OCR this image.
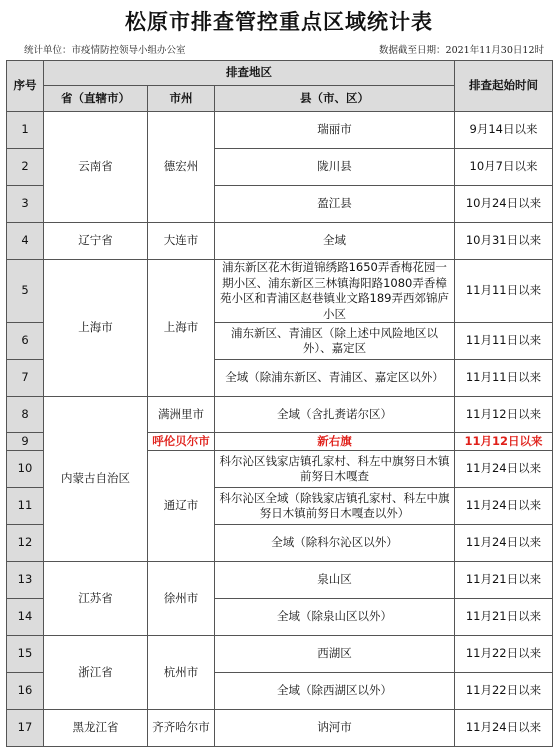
松原市排查管控重点区域统计表
统计单位：市疫情防控领导小组办公室	数据截至日期：2021年11月30日12时
序号	排查地区			排查起始时间
	省（直辖市）	市州	县（市、区）	
1	云南省	德宏州	瑞丽市	9月14日以来
2			陇川县	10月7日以来
3			盈江县	10月24日以来
4	辽宁省	大连市	全域	10月31日以来
5	上海市	上海市	浦东新区花木街道锦绣路1650弄香梅花园一期小区、浦东新区三林镇海阳路1080弄香樟苑小区和青浦区赵巷镇业文路189弄西郊锦庐小区	11月11日以来
6			浦东新区、青浦区（除上述中风险地区以外）、嘉定区	11月11日以来
7			全域（除浦东新区、青浦区、嘉定区以外）	11月11日以来
8	内蒙古自治区	满洲里市	全域（含扎赉诺尔区）	11月12日以来
9		呼伦贝尔市	新右旗	11月12日以来
10		通辽市	科尔沁区钱家店镇孔家村、科左中旗努日木镇前努日木嘎查	11月24日以来
11			科尔沁区全域（除钱家店镇孔家村、科左中旗努日木镇前努日木嘎查以外）	11月24日以来
12			全域（除科尔沁区以外）	11月24日以来
13	江苏省	徐州市	泉山区	11月21日以来
14			全域（除泉山区以外）	11月21日以来
15	浙江省	杭州市	西湖区	11月22日以来
16			全域（除西湖区以外）	11月22日以来
17	黑龙江省	齐齐哈尔市	讷河市	11月24日以来
